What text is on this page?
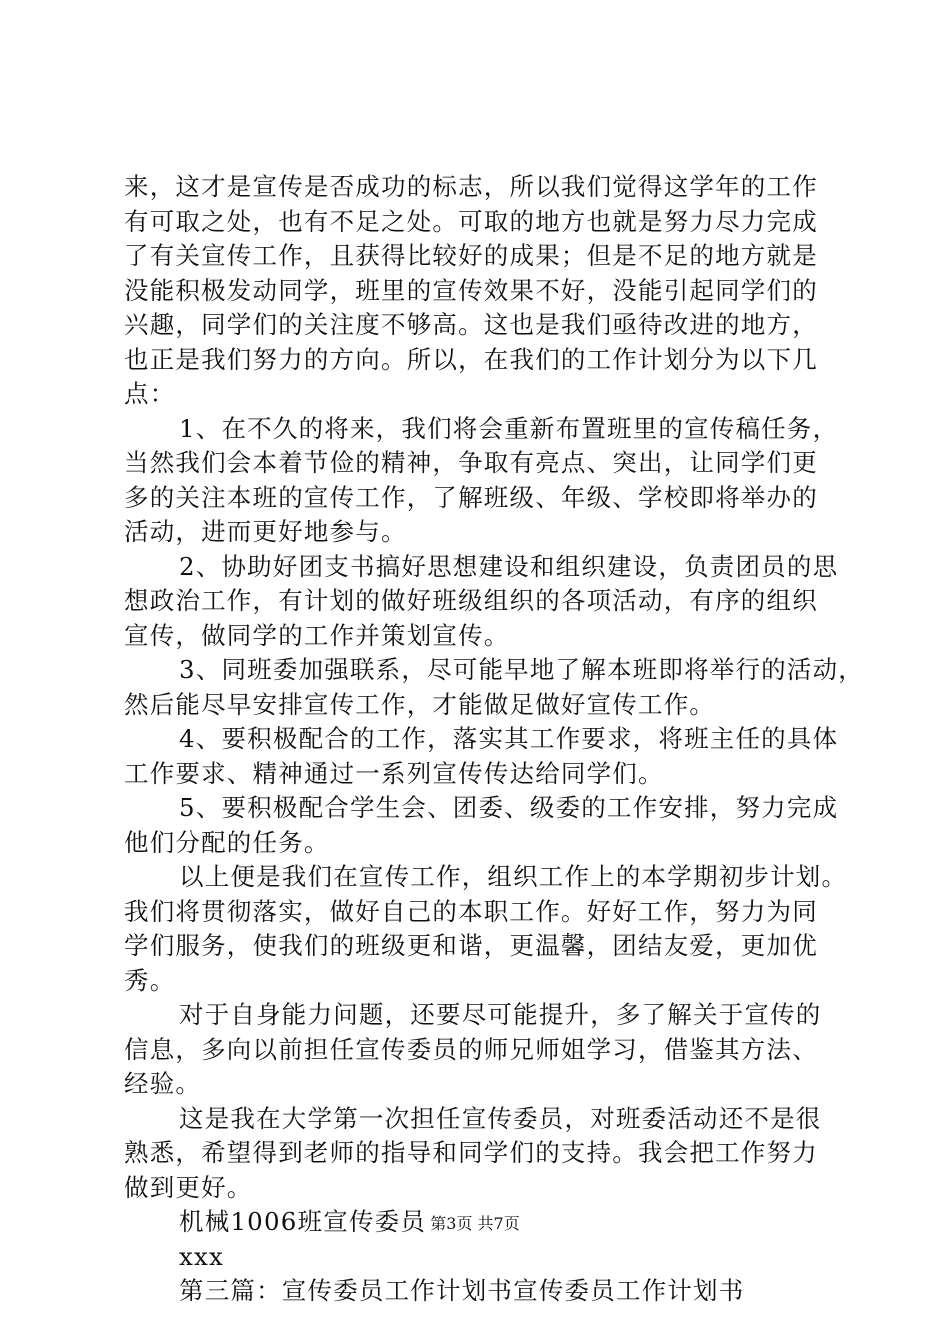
来，这才是宣传是否成功的标志，所以我们觉得这学年的工作
有可取之处，也有不足之处。可取的地方也就是努力尽力完成
了有关宣传工作，且获得比较好的成果；但是不足的地方就是
没能积极发动同学，班里的宣传效果不好，没能引起同学们的
兴趣，同学们的关注度不够高。这也是我们亟待改进的地方，
也正是我们努力的方向。所以，在我们的工作计划分为以下几
点：
1、在不久的将来，我们将会重新布置班里的宣传稿任务，
当然我们会本着节俭的精神，争取有亮点、突出，让同学们更
多的关注本班的宣传工作，了解班级、年级、学校即将举办的
活动，进而更好地参与。
2、协助好团支书搞好思想建设和组织建设，负责团员的思
想政治工作，有计划的做好班级组织的各项活动，有序的组织
宣传，做同学的工作并策划宣传。
3、同班委加强联系，尽可能早地了解本班即将举行的活动，
然后能尽早安排宣传工作，才能做足做好宣传工作。
4、要积极配合的工作，落实其工作要求，将班主任的具体
工作要求、精神通过一系列宣传传达给同学们。
5、要积极配合学生会、团委、级委的工作安排，努力完成
他们分配的任务。
以上便是我们在宣传工作，组织工作上的本学期初步计划。
我们将贯彻落实，做好自己的本职工作。好好工作，努力为同
学们服务，使我们的班级更和谐，更温馨，团结友爱，更加优
秀。
对于自身能力问题，还要尽可能提升，多了解关于宣传的
信息，多向以前担任宣传委员的师兄师姐学习，借鉴其方法、
经验。
这是我在大学第一次担任宣传委员，对班委活动还不是很
熟悉，希望得到老师的指导和同学们的支持。我会把工作努力
做到更好。
机械1006班宣传委员
xxx
第三篇：宣传委员工作计划书宣传委员工作计划书
第3页 共7页
